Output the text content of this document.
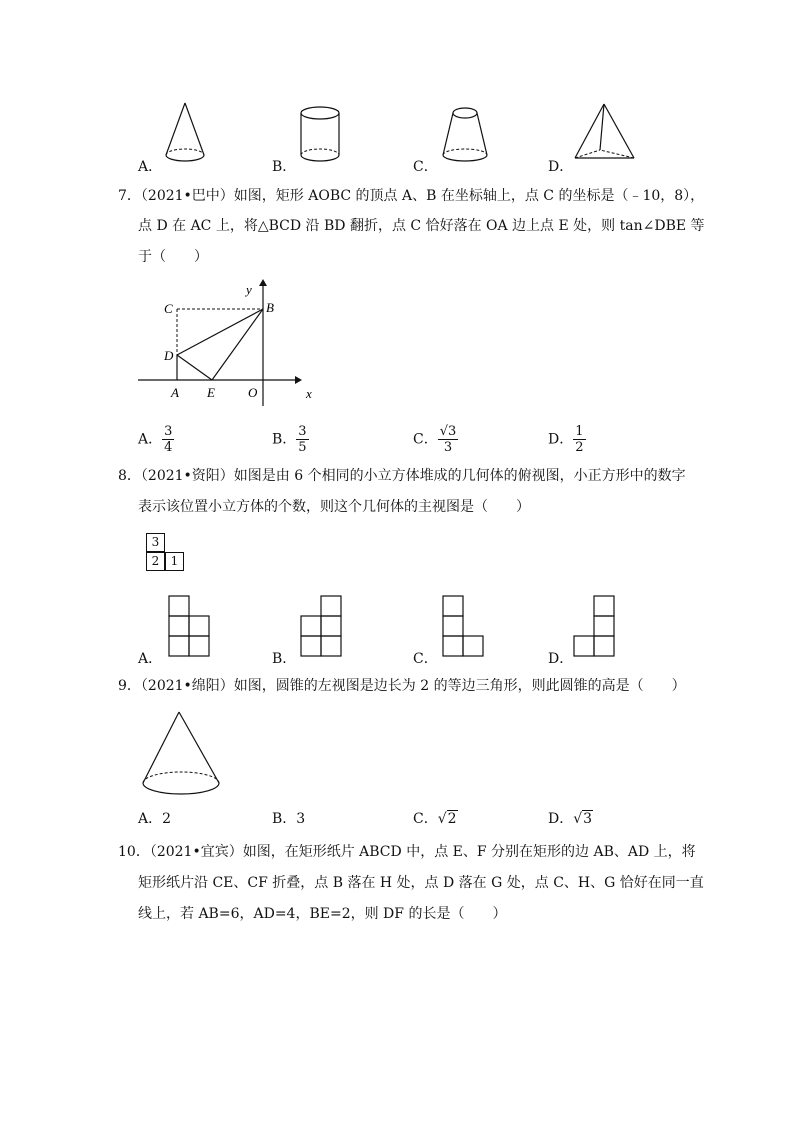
A．	B．	C．	D．
7．（2021•巴中）如图，矩形 AOBC 的顶点 A、B 在坐标轴上，点 C 的坐标是（﹣10，8），
点 D 在 AC 上，将△BCD 沿 BD 翻折，点 C 恰好落在 OA 边上点 E 处，则 tan∠DBE 等
于（　　）
y
x
B
C
D
A E	O
A． $\frac{3}{4}$	B． $\frac{3}{5}$	C． $\frac{√3}{3}$	D． $\frac{1}{2}$
8．（2021•资阳）如图是由 6 个相同的小立方体堆成的几何体的俯视图，小正方形中的数字
表示该位置小立方体的个数，则这个几何体的主视图是（　　）
3
2 1
A．	B．	C．	D．
9．（2021•绵阳）如图，圆锥的左视图是边长为 2 的等边三角形，则此圆锥的高是（　　）
A．2	B．3	C．√2	D．√3
10．（2021•宜宾）如图，在矩形纸片 ABCD 中，点 E、F 分别在矩形的边 AB、AD 上，将
矩形纸片沿 CE、CF 折叠，点 B 落在 H 处，点 D 落在 G 处，点 C、H、G 恰好在同一直
线上，若 AB=6，AD=4，BE=2，则 DF 的长是（　　）
